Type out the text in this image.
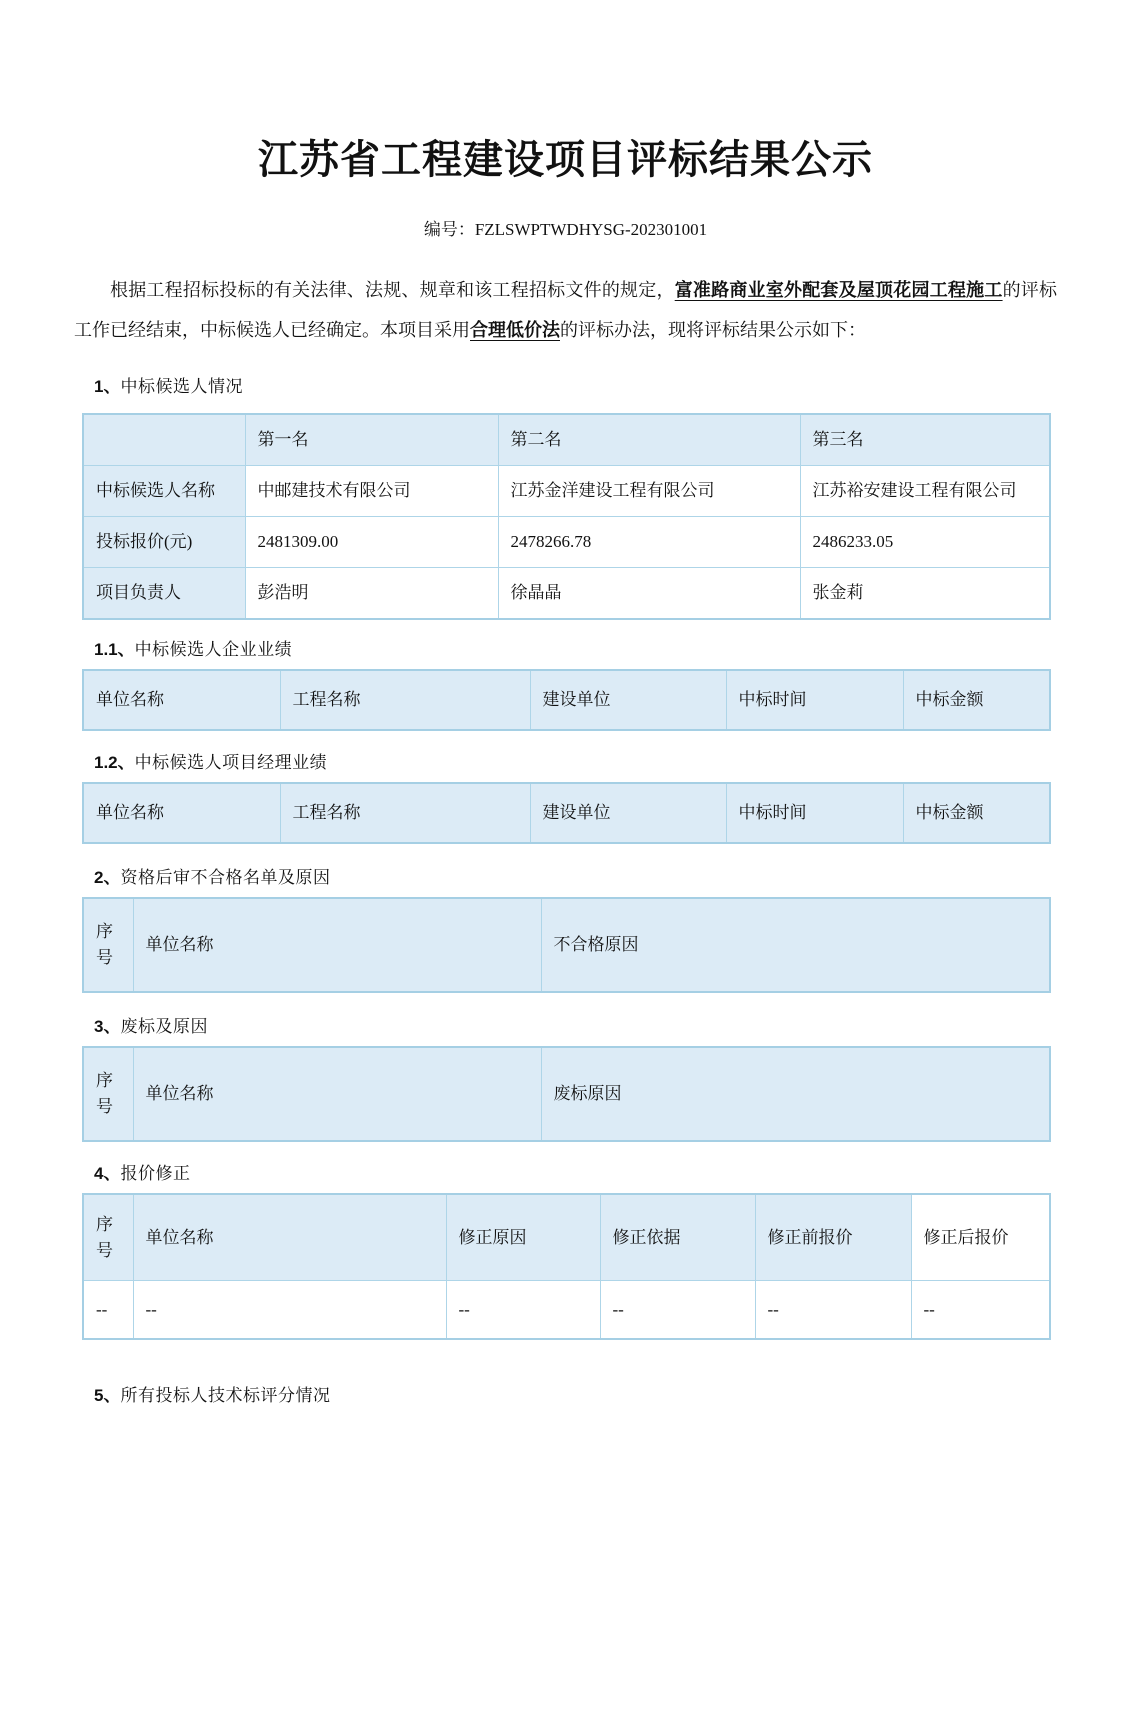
江苏省工程建设项目评标结果公示

编号：FZLSWPTWDHYSG-202301001

根据工程招标投标的有关法律、法规、规章和该工程招标文件的规定，富准路商业室外配套及屋顶花园工程施工的评标工作已经结束，中标候选人已经确定。本项目采用合理低价法的评标办法，现将评标结果公示如下：

1、中标候选人情况
	第一名	第二名	第三名
中标候选人名称	中邮建技术有限公司	江苏金洋建设工程有限公司	江苏裕安建设工程有限公司
投标报价(元)	2481309.00	2478266.78	2486233.05
项目负责人	彭浩明	徐晶晶	张金莉
1.1、中标候选人企业业绩
单位名称	工程名称	建设单位	中标时间	中标金额
1.2、中标候选人项目经理业绩
单位名称	工程名称	建设单位	中标时间	中标金额
2、资格后审不合格名单及原因
序号	单位名称	不合格原因
3、废标及原因
序号	单位名称	废标原因
4、报价修正
序号	单位名称	修正原因	修正依据	修正前报价	修正后报价
--	--	--	--	--	--
5、所有投标人技术标评分情况
